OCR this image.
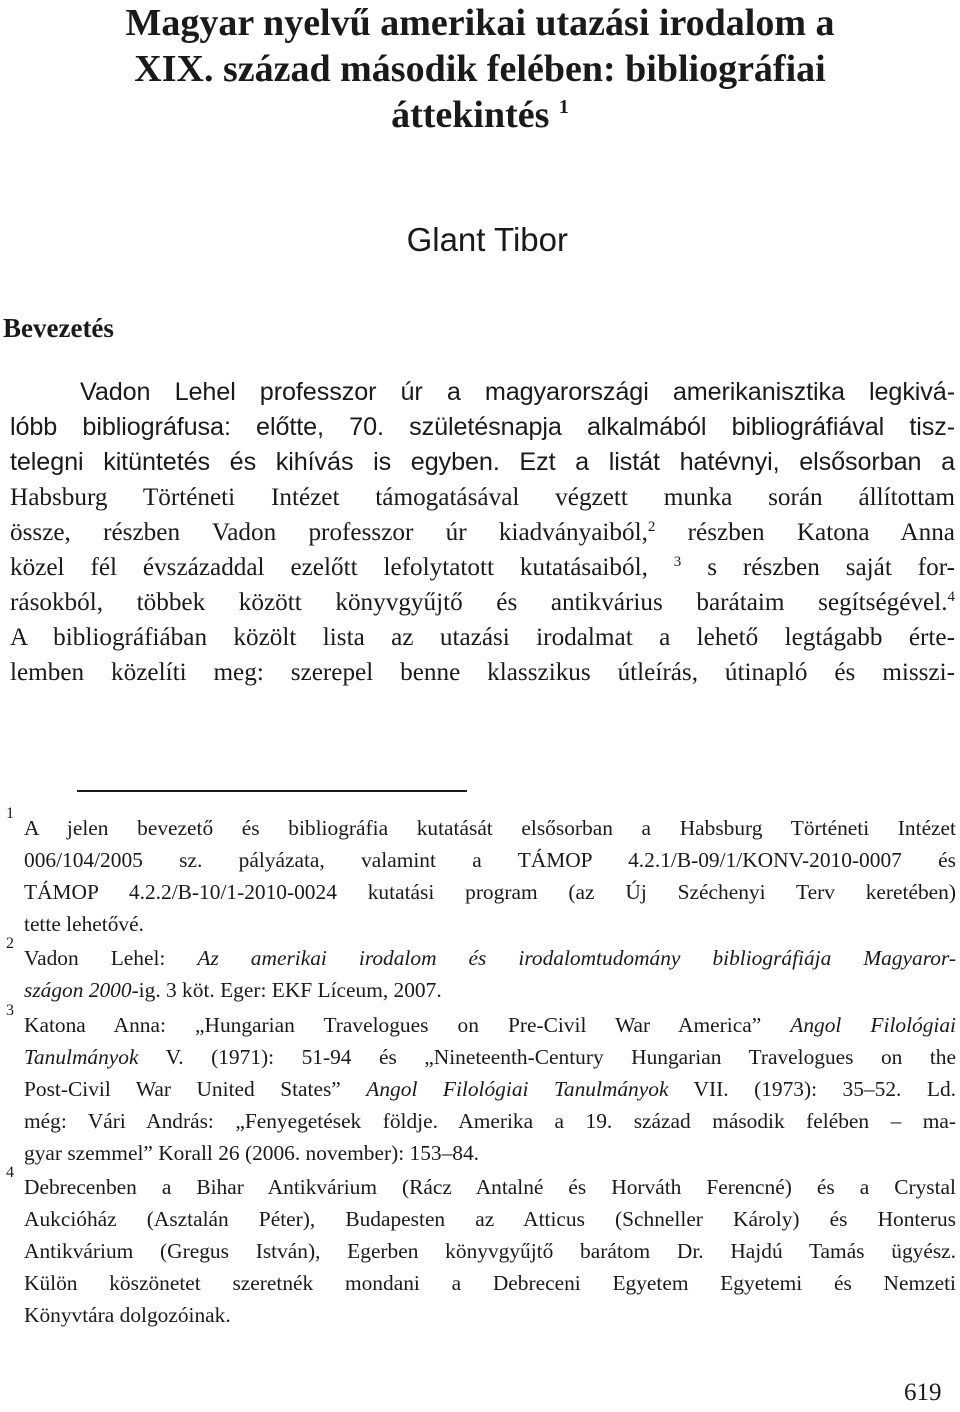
Magyar nyelvű amerikai utazási irodalom a
XIX. század második felében: bibliográfiai
áttekintés $^1$
Glant Tibor
Bevezetés
Vadon Lehel professzor úr a magyarországi amerikanisztika legkivá-
lóbb bibliográfusa: előtte, 70. születésnapja alkalmából bibliográfiával tisz-
telegni kitüntetés és kihívás is egyben. Ezt a listát hatévnyi, elsősorban a
Habsburg Történeti Intézet támogatásával végzett munka során állítottam
össze, részben Vadon professzor úr kiadványaiból,$^2$ részben Katona Anna
közel fél évszázaddal ezelőtt lefolytatott kutatásaiból, $^3$ s részben saját for-
rásokból, többek között könyvgyűjtő és antikvárius barátaim segítségével.$^4$
A bibliográfiában közölt lista az utazási irodalmat a lehető legtágabb érte-
lemben közelíti meg: szerepel benne klasszikus útleírás, útinapló és misszi-
1
A jelen bevezető és bibliográfia kutatását elsősorban a Habsburg Történeti Intézet
006/104/2005 sz. pályázata, valamint a TÁMOP 4.2.1/B-09/1/KONV-2010-0007 és
TÁMOP 4.2.2/B-10/1-2010-0024 kutatási program (az Új Széchenyi Terv keretében)
tette lehetővé.
2
Vadon Lehel: Az amerikai irodalom és irodalomtudomány bibliográfiája Magyaror-
szágon 2000-ig. 3 köt. Eger: EKF Líceum, 2007.
3
Katona Anna: „Hungarian Travelogues on Pre-Civil War America” Angol Filológiai
Tanulmányok V. (1971): 51-94 és „Nineteenth-Century Hungarian Travelogues on the
Post-Civil War United States” Angol Filológiai Tanulmányok VII. (1973): 35–52. Ld.
még: Vári András: „Fenyegetések földje. Amerika a 19. század második felében – ma-
gyar szemmel” Korall 26 (2006. november): 153–84.
4
Debrecenben a Bihar Antikvárium (Rácz Antalné és Horváth Ferencné) és a Crystal
Aukcióház (Asztalán Péter), Budapesten az Atticus (Schneller Károly) és Honterus
Antikvárium (Gregus István), Egerben könyvgyűjtő barátom Dr. Hajdú Tamás ügyész.
Külön köszönetet szeretnék mondani a Debreceni Egyetem Egyetemi és Nemzeti
Könyvtára dolgozóinak.
619
